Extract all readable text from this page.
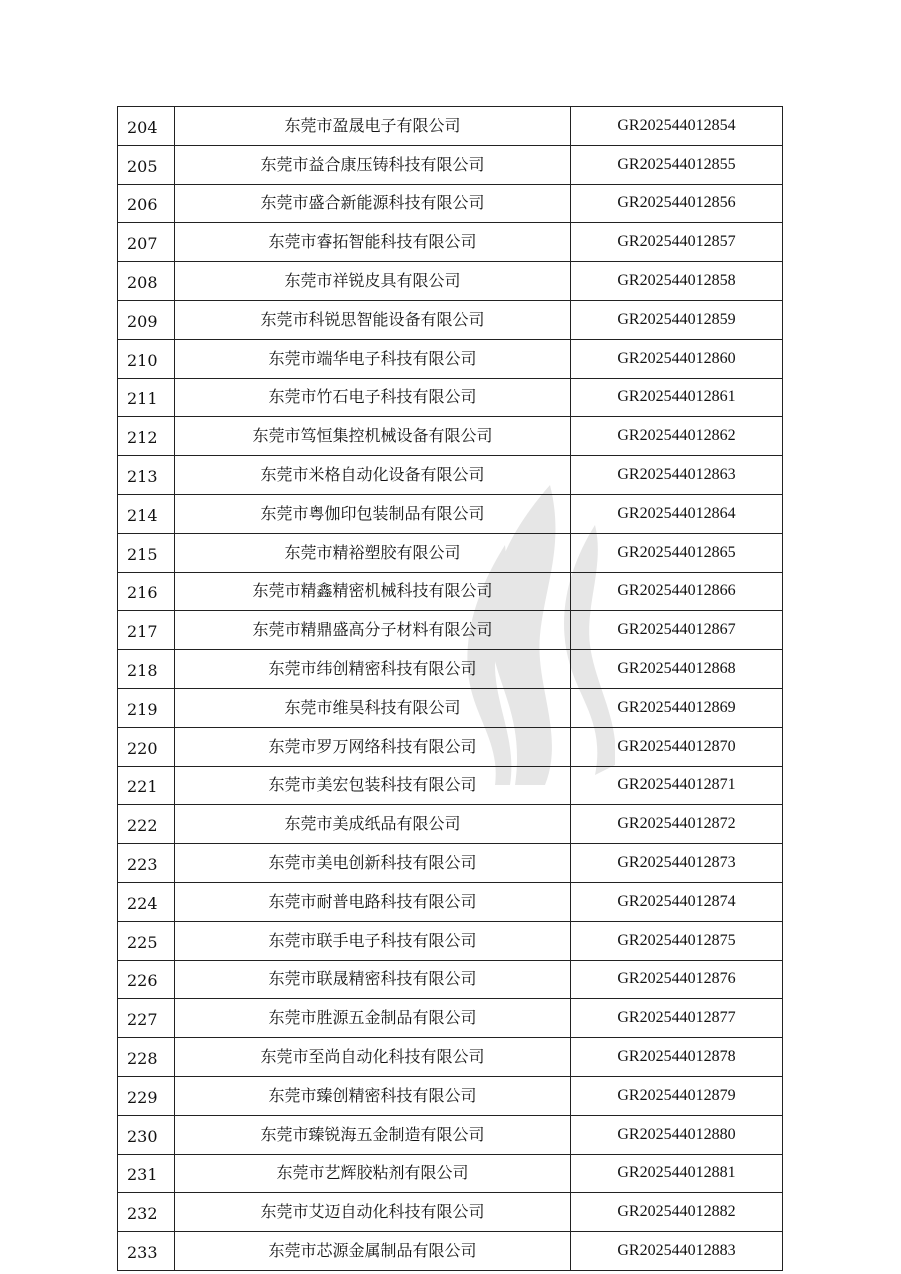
204	东莞市盈晟电子有限公司	GR202544012854
205	东莞市益合康压铸科技有限公司	GR202544012855
206	东莞市盛合新能源科技有限公司	GR202544012856
207	东莞市睿拓智能科技有限公司	GR202544012857
208	东莞市祥锐皮具有限公司	GR202544012858
209	东莞市科锐思智能设备有限公司	GR202544012859
210	东莞市端华电子科技有限公司	GR202544012860
211	东莞市竹石电子科技有限公司	GR202544012861
212	东莞市笃恒集控机械设备有限公司	GR202544012862
213	东莞市米格自动化设备有限公司	GR202544012863
214	东莞市粤伽印包装制品有限公司	GR202544012864
215	东莞市精裕塑胶有限公司	GR202544012865
216	东莞市精鑫精密机械科技有限公司	GR202544012866
217	东莞市精鼎盛高分子材料有限公司	GR202544012867
218	东莞市纬创精密科技有限公司	GR202544012868
219	东莞市维昊科技有限公司	GR202544012869
220	东莞市罗万网络科技有限公司	GR202544012870
221	东莞市美宏包装科技有限公司	GR202544012871
222	东莞市美成纸品有限公司	GR202544012872
223	东莞市美电创新科技有限公司	GR202544012873
224	东莞市耐普电路科技有限公司	GR202544012874
225	东莞市联手电子科技有限公司	GR202544012875
226	东莞市联晟精密科技有限公司	GR202544012876
227	东莞市胜源五金制品有限公司	GR202544012877
228	东莞市至尚自动化科技有限公司	GR202544012878
229	东莞市臻创精密科技有限公司	GR202544012879
230	东莞市臻锐海五金制造有限公司	GR202544012880
231	东莞市艺辉胶粘剂有限公司	GR202544012881
232	东莞市艾迈自动化科技有限公司	GR202544012882
233	东莞市芯源金属制品有限公司	GR202544012883
